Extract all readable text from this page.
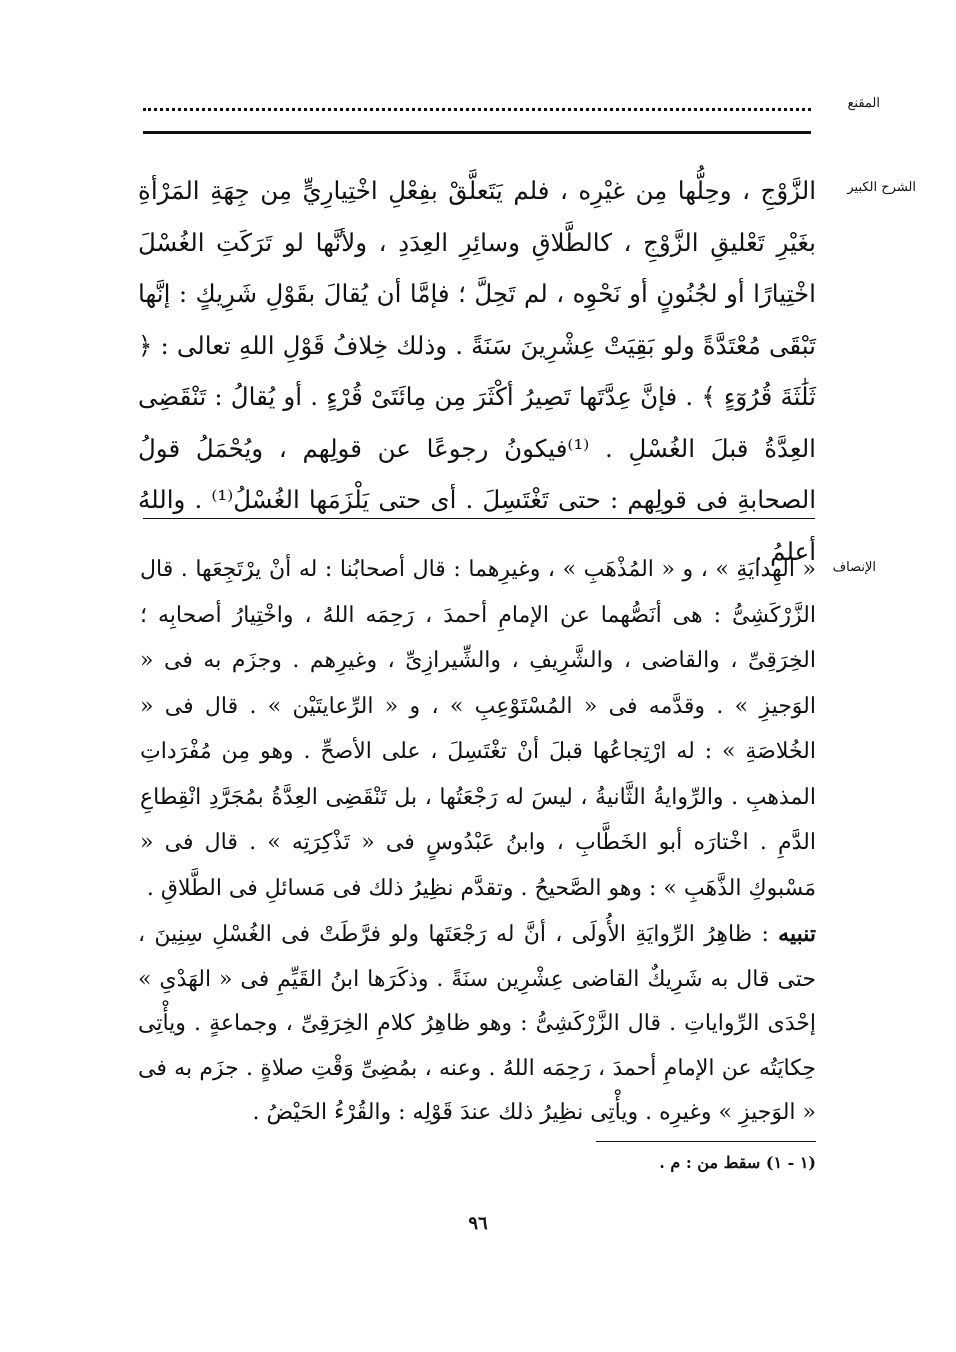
المقنع
الشرح الكبير

الزَّوْجِ ، وحِلُّها مِن غيْرِه ، فلم يَتَعلَّقْ بفِعْلِ اخْتِيارِيٍّ مِن جِهَةِ المَرْأةِ بغَيْرِ تَعْليقِ الزَّوْجِ ، كالطَّلاقِ وسائِرِ العِدَدِ ، ولأنَّها لو تَرَكَتِ الغُسْلَ اخْتِيارًا أو لجُنُونٍ أو نَحْوِه ، لم تَحِلَّ ؛ فإمَّا أن يُقالَ بقَوْلِ شَرِيكٍ : إنَّها تَبْقَى مُعْتَدَّةً ولو بَقِيَتْ عِشْرِينَ سَنَةً . وذلك خِلافُ قَوْلِ اللهِ تعالى : ﴿ ثَلَٰثَةَ قُرُوٓءٍ ﴾ . فإنَّ عِدَّتَها تَصِيرُ أكْثَرَ مِن مِائَتَىْ قُرْءٍ . أو يُقالُ : تَنْقَضِى العِدَّةُ قبلَ الغُسْلِ . ⁽¹⁾فيكونُ رجوعًا عن قولِهم ، ويُحْمَلُ قولُ الصحابةِ فى قولِهم : حتى تَغْتَسِلَ . أى حتى يَلْزَمَها الغُسْلُ⁽¹⁾ . واللهُ أعلمُ .

الإنصاف

« الهِدايَةِ » ، و « المُذْهَبِ » ، وغيرِهما : قال أصحابُنا : له أنْ يرْتَجِعَها . قال الزَّرْكَشِىُّ : هى أنَصُّهما عن الإمامِ أحمدَ ، رَحِمَه اللهُ ، واخْتِيارُ أصحابِه ؛ الخِرَقِىِّ ، والقاضى ، والشَّرِيفِ ، والشِّيرازِىِّ ، وغيرِهم . وجزَم به فى « الوَجيزِ » . وقدَّمه فى « المُسْتَوْعِبِ » ، و « الرِّعايتَيْن » . قال فى « الخُلاصَةِ » : له ارْتِجاعُها قبلَ أنْ تغْتَسِلَ ، على الأصحِّ . وهو مِن مُفْرَداتِ المذهبِ . والرِّوايةُ الثَّانيةُ ، ليسَ له رَجْعَتُها ، بل تَنْقَضِى العِدَّةُ بمُجَرَّدِ انْقِطاعِ الدَّمِ . اخْتارَه أبو الخَطَّابِ ، وابنُ عَبْدُوسٍ فى « تَذْكِرَتِه » . قال فى « مَسْبوكِ الذَّهَبِ » : وهو الصَّحيحُ . وتقدَّم نظِيرُ ذلك فى مَسائلِ فى الطَّلاقِ .

تنبيه : ظاهِرُ الرِّوايَةِ الأُولَى ، أنَّ له رَجْعَتَها ولو فرَّطَتْ فى الغُسْلِ سِنِينَ ، حتى قال به شَرِيكٌ القاضى عِشْرِين سنَةً . وذكَرَها ابنُ القَيِّمِ فى « الهَدْىِ » إحْدَى الرِّواياتِ . قال الزَّرْكَشِىُّ : وهو ظاهِرُ كلامِ الخِرَقِىِّ ، وجماعةٍ . ويأْتِى حِكايَتُه عن الإمامِ أحمدَ ، رَحِمَه اللهُ . وعنه ، بمُضِىِّ وَقْتِ صلاةٍ . جزَم به فى « الوَجيزِ » وغيرِه . ويأْتِى نظِيرُ ذلك عندَ قَوْلِه : والقُرْءُ الحَيْضُ .

(١ - ١) سقط من : م .
٩٦
